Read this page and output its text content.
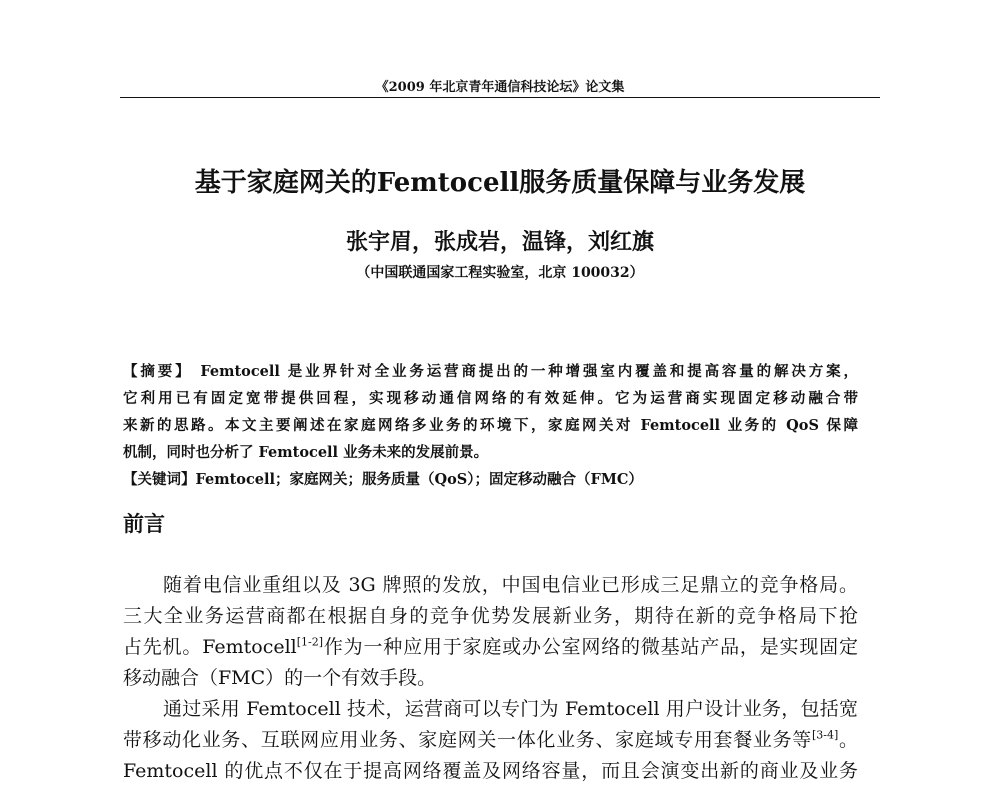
《2009 年北京青年通信科技论坛》论文集
基于家庭网关的Femtocell服务质量保障与业务发展
张宇眉，张成岩，温锋，刘红旗
（中国联通国家工程实验室，北京 100032）
【摘要】 Femtocell 是业界针对全业务运营商提出的一种增强室内覆盖和提高容量的解决方案，
它利用已有固定宽带提供回程，实现移动通信网络的有效延伸。它为运营商实现固定移动融合带
来新的思路。本文主要阐述在家庭网络多业务的环境下，家庭网关对 Femtocell 业务的 QoS 保障
机制，同时也分析了 Femtocell 业务未来的发展前景。
【关键词】Femtocell；家庭网关；服务质量（QoS）；固定移动融合（FMC）
前言
随着电信业重组以及 3G 牌照的发放，中国电信业已形成三足鼎立的竞争格局。
三大全业务运营商都在根据自身的竞争优势发展新业务，期待在新的竞争格局下抢
占先机。Femtocell[1-2]作为一种应用于家庭或办公室网络的微基站产品，是实现固定
移动融合（FMC）的一个有效手段。
通过采用 Femtocell 技术，运营商可以专门为 Femtocell 用户设计业务，包括宽
带移动化业务、互联网应用业务、家庭网关一体化业务、家庭域专用套餐业务等[3-4]。
Femtocell 的优点不仅在于提高网络覆盖及网络容量，而且会演变出新的商业及业务
